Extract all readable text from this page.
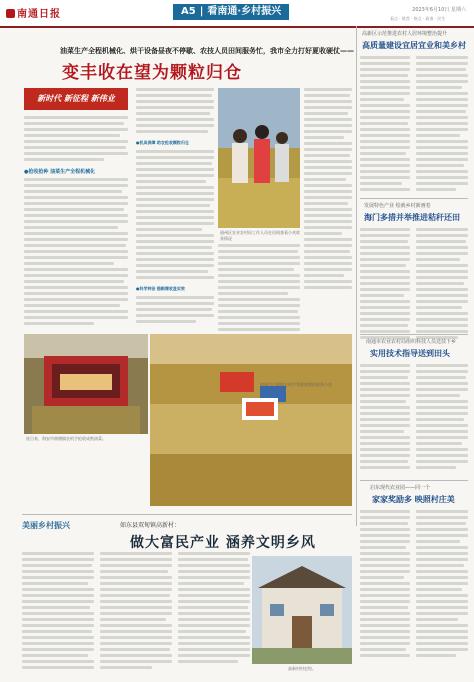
南通日报	A5 | 看南通·乡村振兴	2023年6月10日 星期六
看点 · 推荐 · 热点 · 政务 · 民生
油菜生产全程机械化、烘干设备昼夜不停歇、农技人员田间服务忙，我市全力打好夏收硬仗——
变丰收在望为颗粒归仓
新时代 新征程 新伟业
●抢收抢种 油菜生产全程机械化
●机具保障 助农抢收颗粒归仓
●科学种田 稳粮增收显实效
通州区农业农村局工作人员在田间查看小麦收获情况
连日来，海安市曲塘镇农机手抢收成熟油菜。
如皋市白蒲镇农机手驾驶收割机收获小麦
高新区示范推进农村人居环境整治提升
高质量建设宜居宜业和美乡村
发展特色产业 绘就乡村新画卷
海门多措并举推进秸秆还田
南通市农业农村局组织科技人员送技下乡
实用技术指导送到田头
启东现代农业园——同一个
家家奖励多 映照村庄美
美丽乡村振兴	如东县双甸镇高新村：
做大富民产业 涵养文明乡风
高新村村史馆。
